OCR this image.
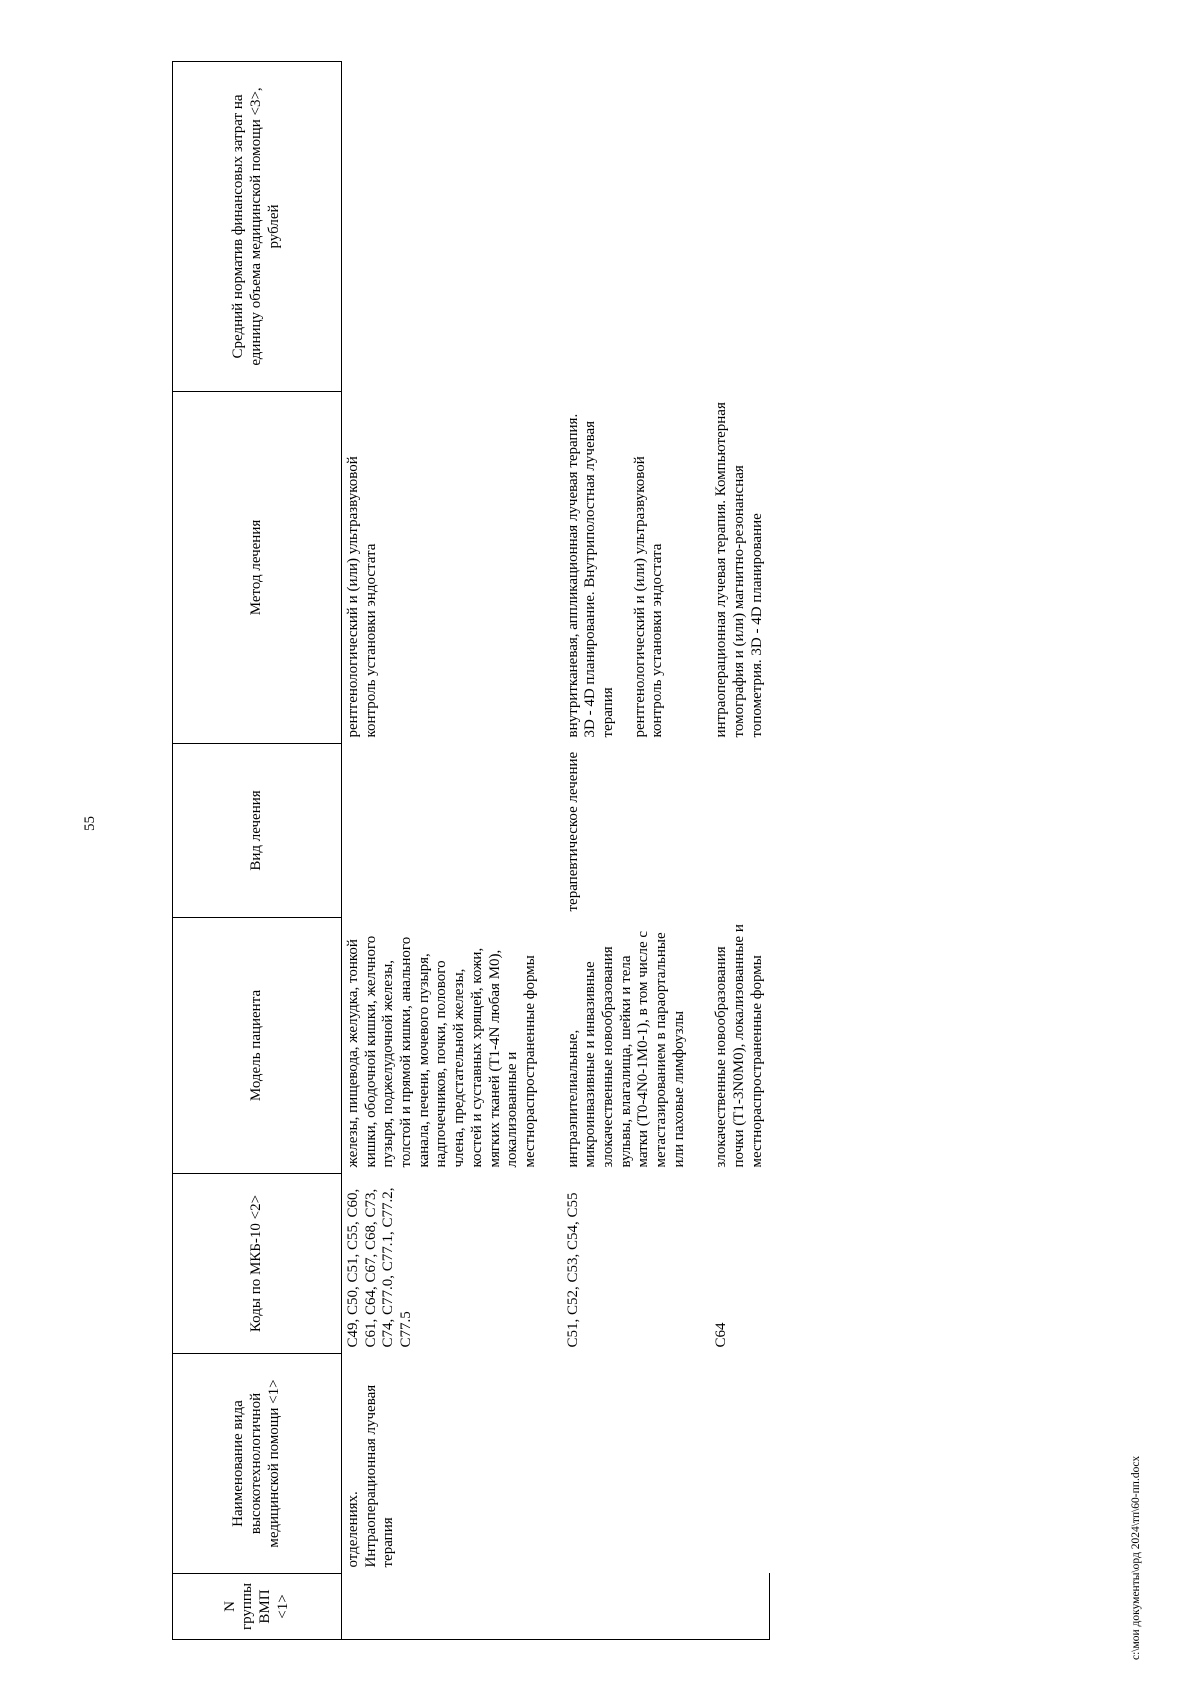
55
N группы ВМП <1>	Наименование вида высокотехнологичной медицинской помощи <1>	Коды по МКБ-10 <2>	Модель пациента	Вид лечения	Метод лечения	Средний норматив финансовых затрат на единицу объема медицинской помощи <3>, рублей

	отделениях.
Интраоперационная лучевая терапия	C49, C50, C51, C55, C60, C61, C64, C67, C68, C73, C74, C77.0, C77.1, C77.2, C77.5	железы, пищевода, желудка, тонкой кишки, ободочной кишки, желчного пузыря, поджелудочной железы, толстой и прямой кишки, анального канала, печени, мочевого пузыря, надпочечников, почки, полового члена, предстательной железы, костей и суставных хрящей, кожи, мягких тканей (T1-4N любая M0), локализованные и местнораспространенные формы		рентгенологический и (или) ультразвуковой контроль установки эндостата	

		C51, C52, C53, C54, C55	интраэпителиальные, микроинвазивные и инвазивные злокачественные новообразования вульвы, влагалища, шейки и тела матки (T0-4N0-1M0-1), в том числе с метастазированием в параортальные или паховые лимфоузлы	терапевтическое лечение	внутритканевая, аппликационная лучевая терапия. 3D - 4D планирование. Внутриполостная лучевая терапия рентгенологический и (или) ультразвуковой контроль установки эндостата	

		C64	злокачественные новообразования почки (T1-3N0M0), локализованные и местнораспространенные формы		интраоперационная лучевая терапия. Компьютерная томография и (или) магнитно-резонансная топометрия. 3D - 4D планирование	

c:\мои документы\орд 2024\тп\60-пп.docx
